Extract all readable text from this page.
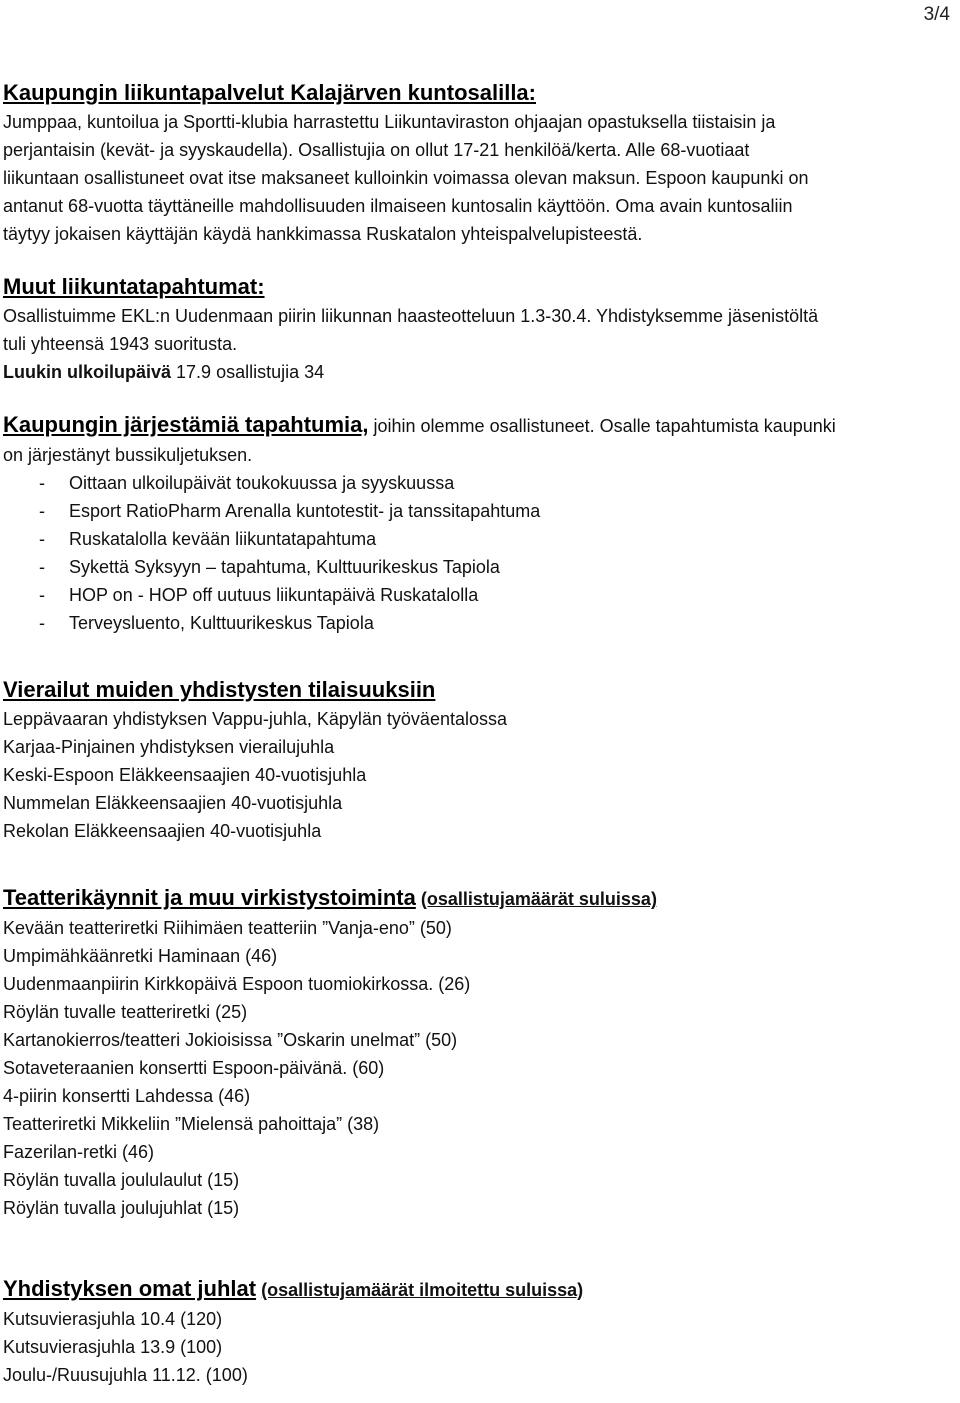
3/4

Kaupungin liikuntapalvelut Kalajärven kuntosalilla:

Jumppaa, kuntoilua ja Sportti-klubia harrastettu Liikuntaviraston ohjaajan opastuksella tiistaisin ja

perjantaisin (kevät- ja syyskaudella). Osallistujia on ollut 17-21 henkilöä/kerta. Alle 68-vuotiaat

liikuntaan osallistuneet ovat itse maksaneet kulloinkin voimassa olevan maksun. Espoon kaupunki on

antanut 68-vuotta täyttäneille mahdollisuuden ilmaiseen kuntosalin käyttöön. Oma avain kuntosaliin

täytyy jokaisen käyttäjän käydä hankkimassa Ruskatalon yhteispalvelupisteestä.

Muut liikuntatapahtumat:

Osallistuimme EKL:n Uudenmaan piirin liikunnan haasteotteluun 1.3-30.4. Yhdistyksemme jäsenistöltä

tuli yhteensä 1943 suoritusta.

Luukin ulkoilupäivä 17.9 osallistujia 34

Kaupungin järjestämiä tapahtumia, joihin olemme osallistuneet. Osalle tapahtumista kaupunki

on järjestänyt bussikuljetuksen.

- Oittaan ulkoilupäivät toukokuussa ja syyskuussa
- Esport RatioPharm Arenalla kuntotestit- ja tanssitapahtuma
- Ruskatalolla kevään liikuntatapahtuma
- Sykettä Syksyyn – tapahtuma, Kulttuurikeskus Tapiola
- HOP on - HOP off uutuus liikuntapäivä Ruskatalolla
- Terveysluento, Kulttuurikeskus Tapiola

Vierailut muiden yhdistysten tilaisuuksiin

Leppävaaran yhdistyksen Vappu-juhla, Käpylän työväentalossa

Karjaa-Pinjainen yhdistyksen vierailujuhla

Keski-Espoon Eläkkeensaajien 40-vuotisjuhla

Nummelan Eläkkeensaajien 40-vuotisjuhla

Rekolan Eläkkeensaajien 40-vuotisjuhla

Teatterikäynnit ja muu virkistystoiminta (osallistujamäärät suluissa)

Kevään teatteriretki Riihimäen teatteriin ”Vanja-eno” (50)

Umpimähkäänretki Haminaan (46)

Uudenmaanpiirin Kirkkopäivä Espoon tuomiokirkossa. (26)

Röylän tuvalle teatteriretki (25)

Kartanokierros/teatteri Jokioisissa ”Oskarin unelmat” (50)

Sotaveteraanien konsertti Espoon-päivänä. (60)

4-piirin konsertti Lahdessa (46)

Teatteriretki Mikkeliin ”Mielensä pahoittaja” (38)

Fazerilan-retki (46)

Röylän tuvalla joululaulut (15)

Röylän tuvalla joulujuhlat (15)

Yhdistyksen omat juhlat (osallistujamäärät ilmoitettu suluissa)

Kutsuvierasjuhla 10.4 (120)

Kutsuvierasjuhla 13.9 (100)

Joulu-/Ruusujuhla 11.12. (100)
